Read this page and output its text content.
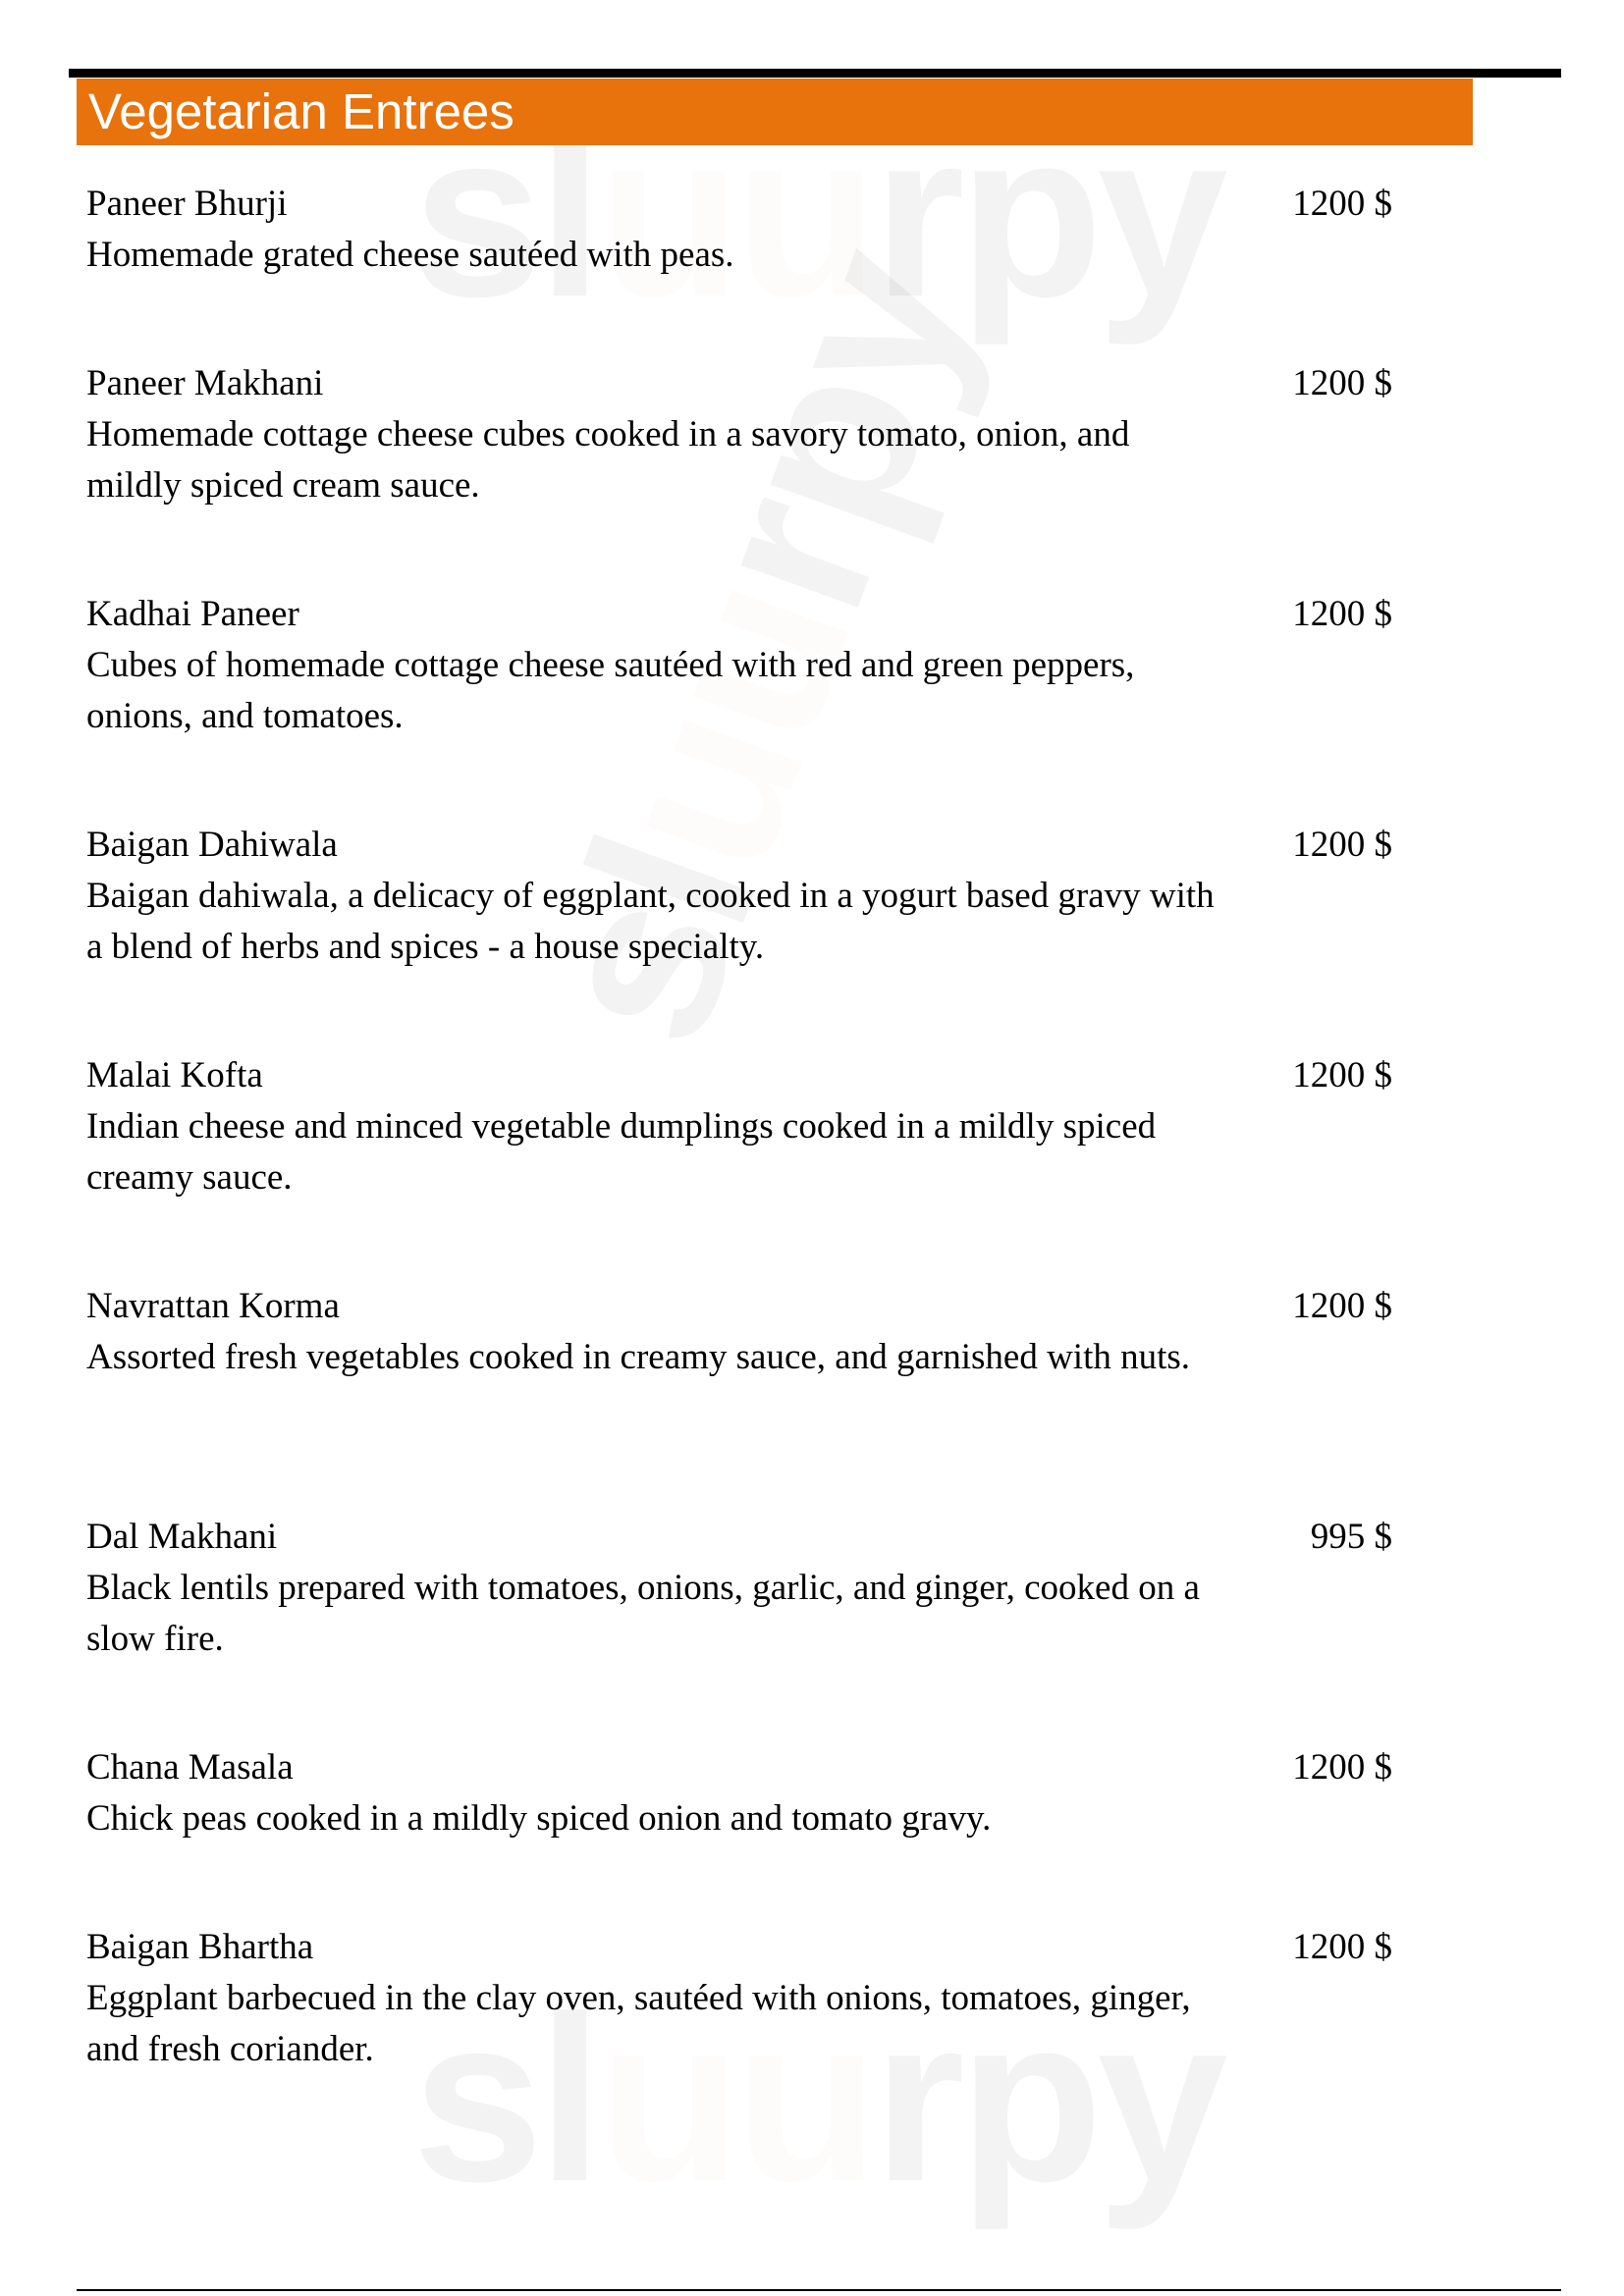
Vegetarian Entrees
Paneer Bhurji
Homemade grated cheese sautéed with peas.
1200 $
Paneer Makhani
Homemade cottage cheese cubes cooked in a savory tomato, onion, and mildly spiced cream sauce.
1200 $
Kadhai Paneer
Cubes of homemade cottage cheese sautéed with red and green peppers, onions, and tomatoes.
1200 $
Baigan Dahiwala
Baigan dahiwala, a delicacy of eggplant, cooked in a yogurt based gravy with a blend of herbs and spices - a house specialty.
1200 $
Malai Kofta
Indian cheese and minced vegetable dumplings cooked in a mildly spiced creamy sauce.
1200 $
Navrattan Korma
Assorted fresh vegetables cooked in creamy sauce, and garnished with nuts.
1200 $
Dal Makhani
Black lentils prepared with tomatoes, onions, garlic, and ginger, cooked on a slow fire.
995 $
Chana Masala
Chick peas cooked in a mildly spiced onion and tomato gravy.
1200 $
Baigan Bhartha
Eggplant barbecued in the clay oven, sautéed with onions, tomatoes, ginger, and fresh coriander.
1200 $
